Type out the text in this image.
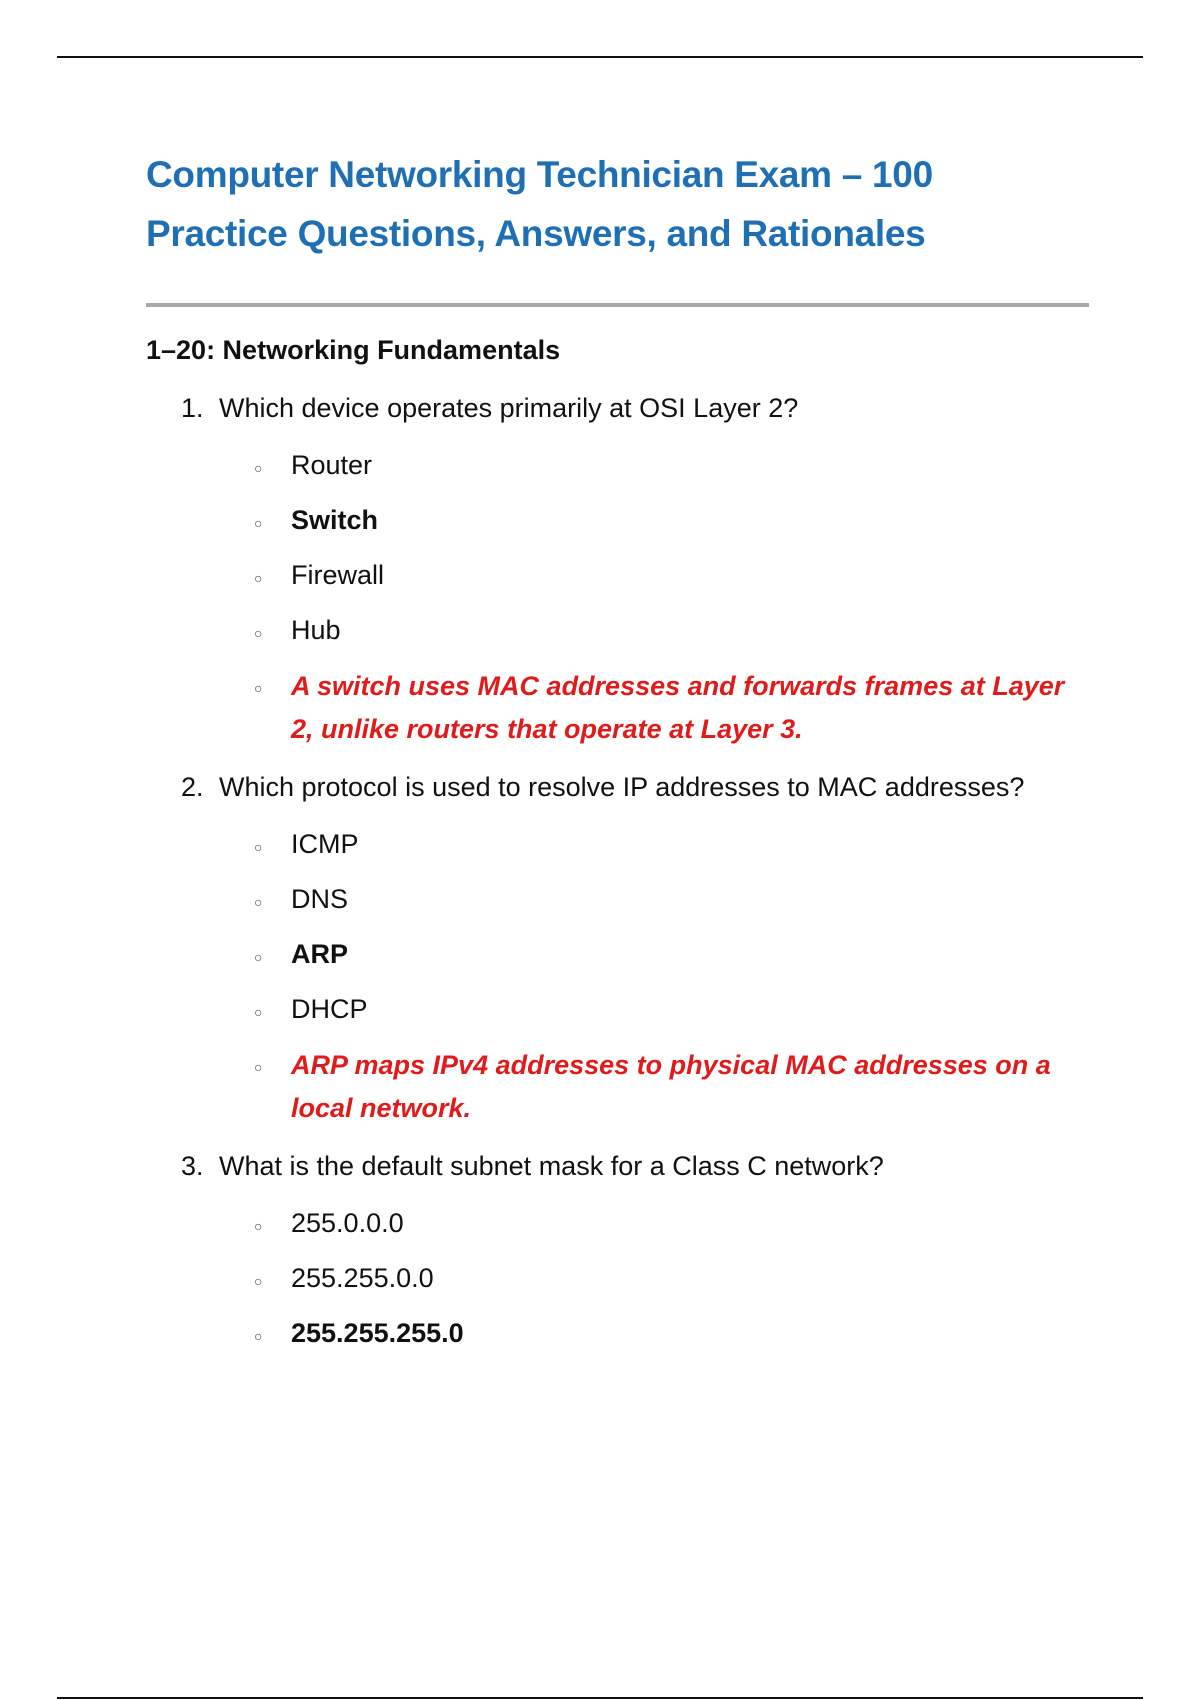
Computer Networking Technician Exam – 100
Practice Questions, Answers, and Rationales
1–20: Networking Fundamentals
1. Which device operates primarily at OSI Layer 2?
○ Router
○ Switch
○ Firewall
○ Hub
○ A switch uses MAC addresses and forwards frames at Layer 2, unlike routers that operate at Layer 3.
2. Which protocol is used to resolve IP addresses to MAC addresses?
○ ICMP
○ DNS
○ ARP
○ DHCP
○ ARP maps IPv4 addresses to physical MAC addresses on a local network.
3. What is the default subnet mask for a Class C network?
○ 255.0.0.0
○ 255.255.0.0
○ 255.255.255.0
